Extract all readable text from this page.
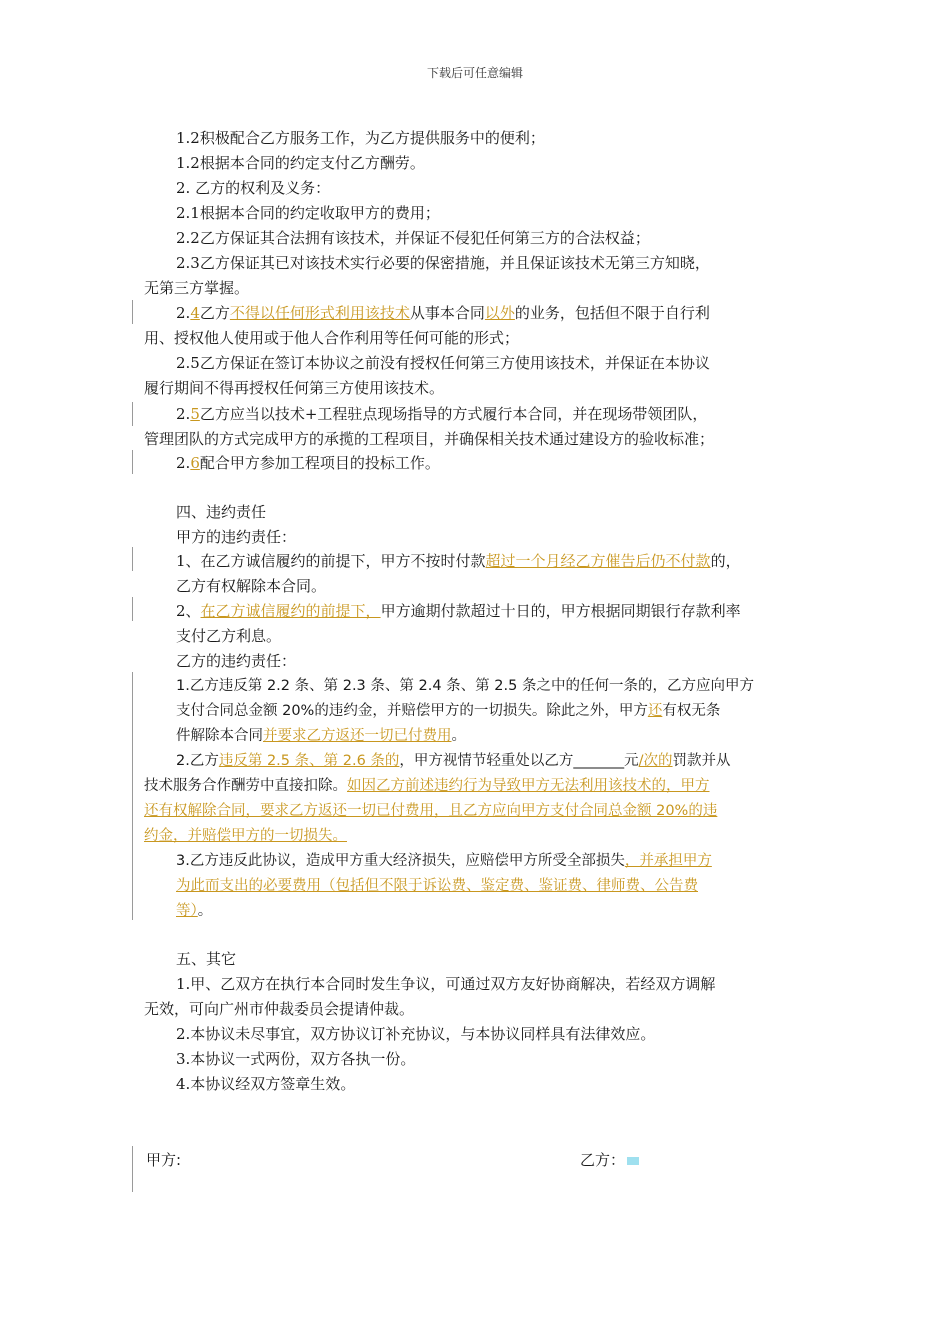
下载后可任意编辑
1.2积极配合乙方服务工作，为乙方提供服务中的便利；
1.2根据本合同的约定支付乙方酬劳。
2. 乙方的权利及义务：
2.1根据本合同的约定收取甲方的费用；
2.2乙方保证其合法拥有该技术，并保证不侵犯任何第三方的合法权益；
2.3乙方保证其已对该技术实行必要的保密措施，并且保证该技术无第三方知晓，
无第三方掌握。
2.4乙方不得以任何形式利用该技术从事本合同以外的业务，包括但不限于自行利
用、授权他人使用或于他人合作利用等任何可能的形式；
2.5乙方保证在签订本协议之前没有授权任何第三方使用该技术，并保证在本协议
履行期间不得再授权任何第三方使用该技术。
2.5乙方应当以技术+工程驻点现场指导的方式履行本合同，并在现场带领团队，
管理团队的方式完成甲方的承揽的工程项目，并确保相关技术通过建设方的验收标准；
2.6配合甲方参加工程项目的投标工作。
四、违约责任
甲方的违约责任：
1、在乙方诚信履约的前提下，甲方不按时付款超过一个月经乙方催告后仍不付款的，
乙方有权解除本合同。
2、在乙方诚信履约的前提下，甲方逾期付款超过十日的，甲方根据同期银行存款利率
支付乙方利息。
乙方的违约责任：
1.乙方违反第 2.2 条、第 2.3 条、第 2.4 条、第 2.5 条之中的任何一条的，乙方应向甲方
支付合同总金额 20%的违约金，并赔偿甲方的一切损失。除此之外，甲方还有权无条
件解除本合同并要求乙方返还一切已付费用。
2.乙方违反第 2.5 条、第 2.6 条的，甲方视情节轻重处以乙方_______元/次的罚款并从
技术服务合作酬劳中直接扣除。如因乙方前述违约行为导致甲方无法利用该技术的，甲方
还有权解除合同，要求乙方返还一切已付费用，且乙方应向甲方支付合同总金额 20%的违
约金，并赔偿甲方的一切损失。
3.乙方违反此协议，造成甲方重大经济损失，应赔偿甲方所受全部损失，并承担甲方
为此而支出的必要费用（包括但不限于诉讼费、鉴定费、鉴证费、律师费、公告费
等）。
五、其它
1.甲、乙双方在执行本合同时发生争议，可通过双方友好协商解决，若经双方调解
无效，可向广州市仲裁委员会提请仲裁。
2.本协议未尽事宜，双方协议订补充协议，与本协议同样具有法律效应。
3.本协议一式两份，双方各执一份。
4.本协议经双方签章生效。
甲方:	乙方：
